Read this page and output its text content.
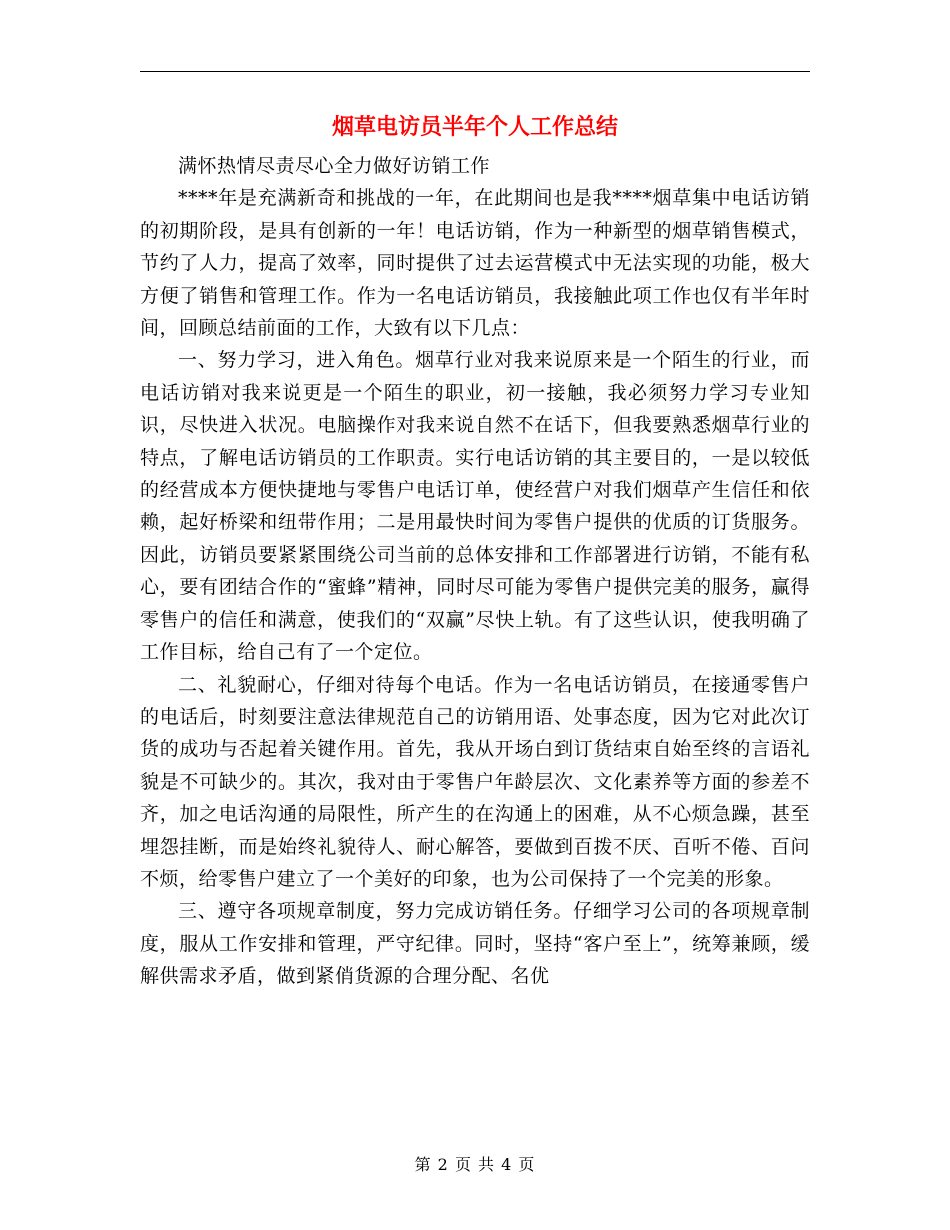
烟草电访员半年个人工作总结

满怀热情尽责尽心全力做好访销工作

****年是充满新奇和挑战的一年，在此期间也是我****烟草集中电话访销的初期阶段，是具有创新的一年！电话访销，作为一种新型的烟草销售模式，节约了人力，提高了效率，同时提供了过去运营模式中无法实现的功能，极大方便了销售和管理工作。作为一名电话访销员，我接触此项工作也仅有半年时间，回顾总结前面的工作，大致有以下几点：

一、努力学习，进入角色。烟草行业对我来说原来是一个陌生的行业，而电话访销对我来说更是一个陌生的职业，初一接触，我必须努力学习专业知识，尽快进入状况。电脑操作对我来说自然不在话下，但我要熟悉烟草行业的特点，了解电话访销员的工作职责。实行电话访销的其主要目的，一是以较低的经营成本方便快捷地与零售户电话订单，使经营户对我们烟草产生信任和依赖，起好桥梁和纽带作用；二是用最快时间为零售户提供的优质的订货服务。因此，访销员要紧紧围绕公司当前的总体安排和工作部署进行访销，不能有私心，要有团结合作的“蜜蜂”精神，同时尽可能为零售户提供完美的服务，赢得零售户的信任和满意，使我们的“双赢”尽快上轨。有了这些认识，使我明确了工作目标，给自己有了一个定位。

二、礼貌耐心，仔细对待每个电话。作为一名电话访销员，在接通零售户的电话后，时刻要注意法律规范自己的访销用语、处事态度，因为它对此次订货的成功与否起着关键作用。首先，我从开场白到订货结束自始至终的言语礼貌是不可缺少的。其次，我对由于零售户年龄层次、文化素养等方面的参差不齐，加之电话沟通的局限性，所产生的在沟通上的困难，从不心烦急躁，甚至埋怨挂断，而是始终礼貌待人、耐心解答，要做到百拨不厌、百听不倦、百问不烦，给零售户建立了一个美好的印象，也为公司保持了一个完美的形象。

三、遵守各项规章制度，努力完成访销任务。仔细学习公司的各项规章制度，服从工作安排和管理，严守纪律。同时，坚持“客户至上”，统筹兼顾，缓解供需求矛盾，做到紧俏货源的合理分配、名优

第 2 页 共 4 页
